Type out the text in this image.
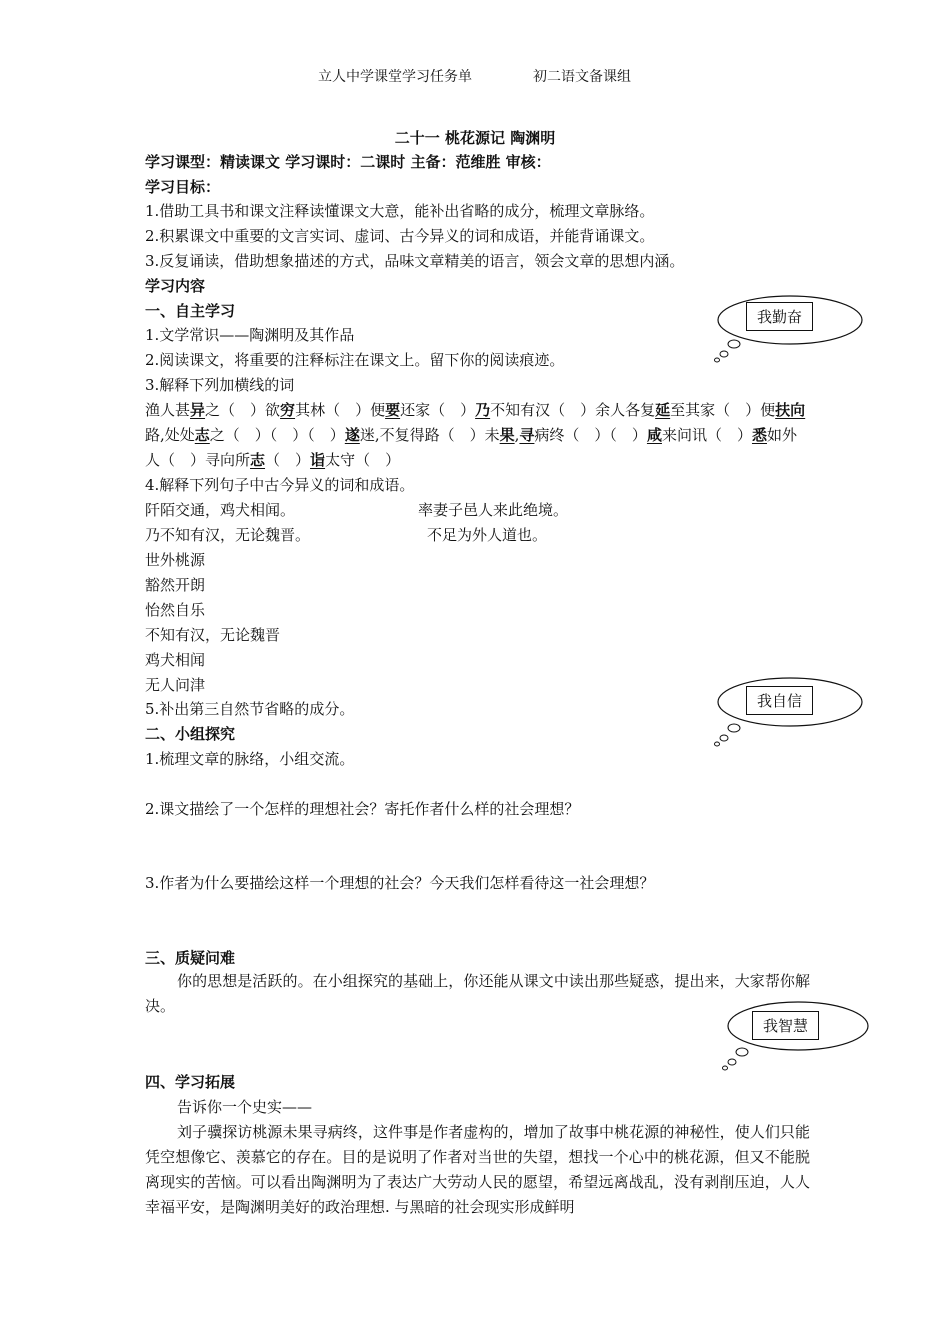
立人中学课堂学习任务单	初二语文备课组
二十一 桃花源记 陶渊明
学习课型：精读课文 学习课时：二课时 主备：范维胜 审核：
学习目标：
1.借助工具书和课文注释读懂课文大意，能补出省略的成分，梳理文章脉络。
2.积累课文中重要的文言实词、虚词、古今异义的词和成语，并能背诵课文。
3.反复诵读，借助想象描述的方式，品味文章精美的语言，领会文章的思想内涵。
学习内容
一、自主学习
1.文学常识——陶渊明及其作品
2.阅读课文，将重要的注释标注在课文上。留下你的阅读痕迹。
3.解释下列加横线的词
渔人甚异之（　）欲穷其林（　）便要还家（　）乃不知有汉（　）余人各复延至其家（　）便扶向
路,处处志之（　）（　）（　）遂迷,不复得路（　）未果,寻病终（　）（　）咸来问讯（　）悉如外
人（　）寻向所志（　）诣太守（　）
4.解释下列句子中古今异义的词和成语。
阡陌交通，鸡犬相闻。	率妻子邑人来此绝境。
乃不知有汉，无论魏晋。	不足为外人道也。
世外桃源
豁然开朗
怡然自乐
不知有汉，无论魏晋
鸡犬相闻
无人问津
5.补出第三自然节省略的成分。
二、小组探究
1.梳理文章的脉络，小组交流。
2.课文描绘了一个怎样的理想社会？寄托作者什么样的社会理想？
3.作者为什么要描绘这样一个理想的社会？今天我们怎样看待这一社会理想？
三、质疑问难
你的思想是活跃的。在小组探究的基础上，你还能从课文中读出那些疑惑，提出来，大家帮你解决。
四、学习拓展
告诉你一个史实——
刘子骥探访桃源未果寻病终，这件事是作者虚构的，增加了故事中桃花源的神秘性，使人们只能凭空想像它、羡慕它的存在。目的是说明了作者对当世的失望，想找一个心中的桃花源，但又不能脱离现实的苦恼。可以看出陶渊明为了表达广大劳动人民的愿望，希望远离战乱，没有剥削压迫，人人幸福平安，是陶渊明美好的政治理想. 与黑暗的社会现实形成鲜明
我勤奋
我自信
我智慧
